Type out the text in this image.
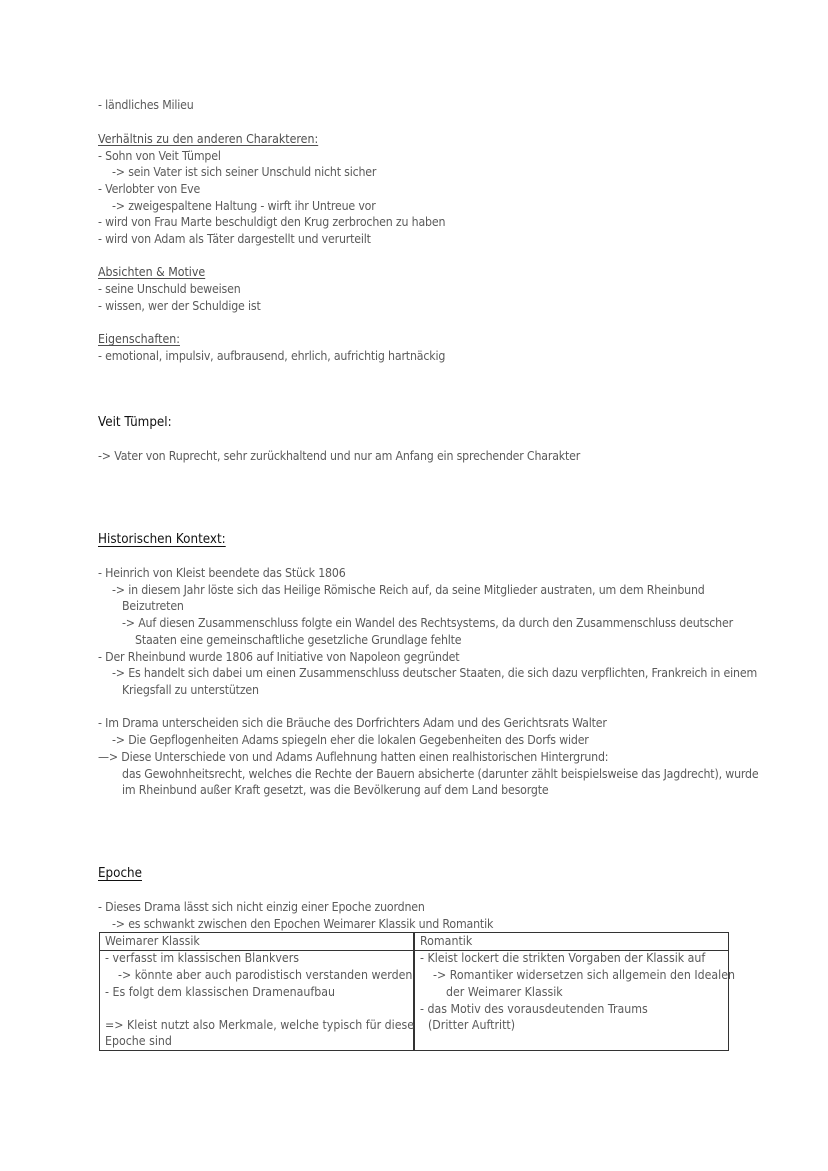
- ländliches Milieu
Verhältnis zu den anderen Charakteren:
- Sohn von Veit Tümpel
-> sein Vater ist sich seiner Unschuld nicht sicher
- Verlobter von Eve
-> zweigespaltene Haltung - wirft ihr Untreue vor
- wird von Frau Marte beschuldigt den Krug zerbrochen zu haben
- wird von Adam als Täter dargestellt und verurteilt
Absichten & Motive
- seine Unschuld beweisen
- wissen, wer der Schuldige ist
Eigenschaften:
- emotional, impulsiv, aufbrausend, ehrlich, aufrichtig hartnäckig
Veit Tümpel:
-> Vater von Ruprecht, sehr zurückhaltend und nur am Anfang ein sprechender Charakter
Historischen Kontext:
- Heinrich von Kleist beendete das Stück 1806
-> in diesem Jahr löste sich das Heilige Römische Reich auf, da seine Mitglieder austraten, um dem Rheinbund
Beizutreten
-> Auf diesen Zusammenschluss folgte ein Wandel des Rechtsystems, da durch den Zusammenschluss deutscher
Staaten eine gemeinschaftliche gesetzliche Grundlage fehlte
- Der Rheinbund wurde 1806 auf Initiative von Napoleon gegründet
-> Es handelt sich dabei um einen Zusammenschluss deutscher Staaten, die sich dazu verpflichten, Frankreich in einem
Kriegsfall zu unterstützen
- Im Drama unterscheiden sich die Bräuche des Dorfrichters Adam und des Gerichtsrats Walter
-> Die Gepflogenheiten Adams spiegeln eher die lokalen Gegebenheiten des Dorfs wider
—> Diese Unterschiede von und Adams Auflehnung hatten einen realhistorischen Hintergrund:
das Gewohnheitsrecht, welches die Rechte der Bauern absicherte (darunter zählt beispielsweise das Jagdrecht), wurde
im Rheinbund außer Kraft gesetzt, was die Bevölkerung auf dem Land besorgte
Epoche
- Dieses Drama lässt sich nicht einzig einer Epoche zuordnen
-> es schwankt zwischen den Epochen Weimarer Klassik und Romantik
Weimarer Klassik	Romantik
- verfasst im klassischen Blankvers
-> könnte aber auch parodistisch verstanden werden
- Es folgt dem klassischen Dramenaufbau
=> Kleist nutzt also Merkmale, welche typisch für diese
Epoche sind
- Kleist lockert die strikten Vorgaben der Klassik auf
-> Romantiker widersetzen sich allgemein den Idealen
der Weimarer Klassik
- das Motiv des vorausdeutenden Traums
(Dritter Auftritt)
